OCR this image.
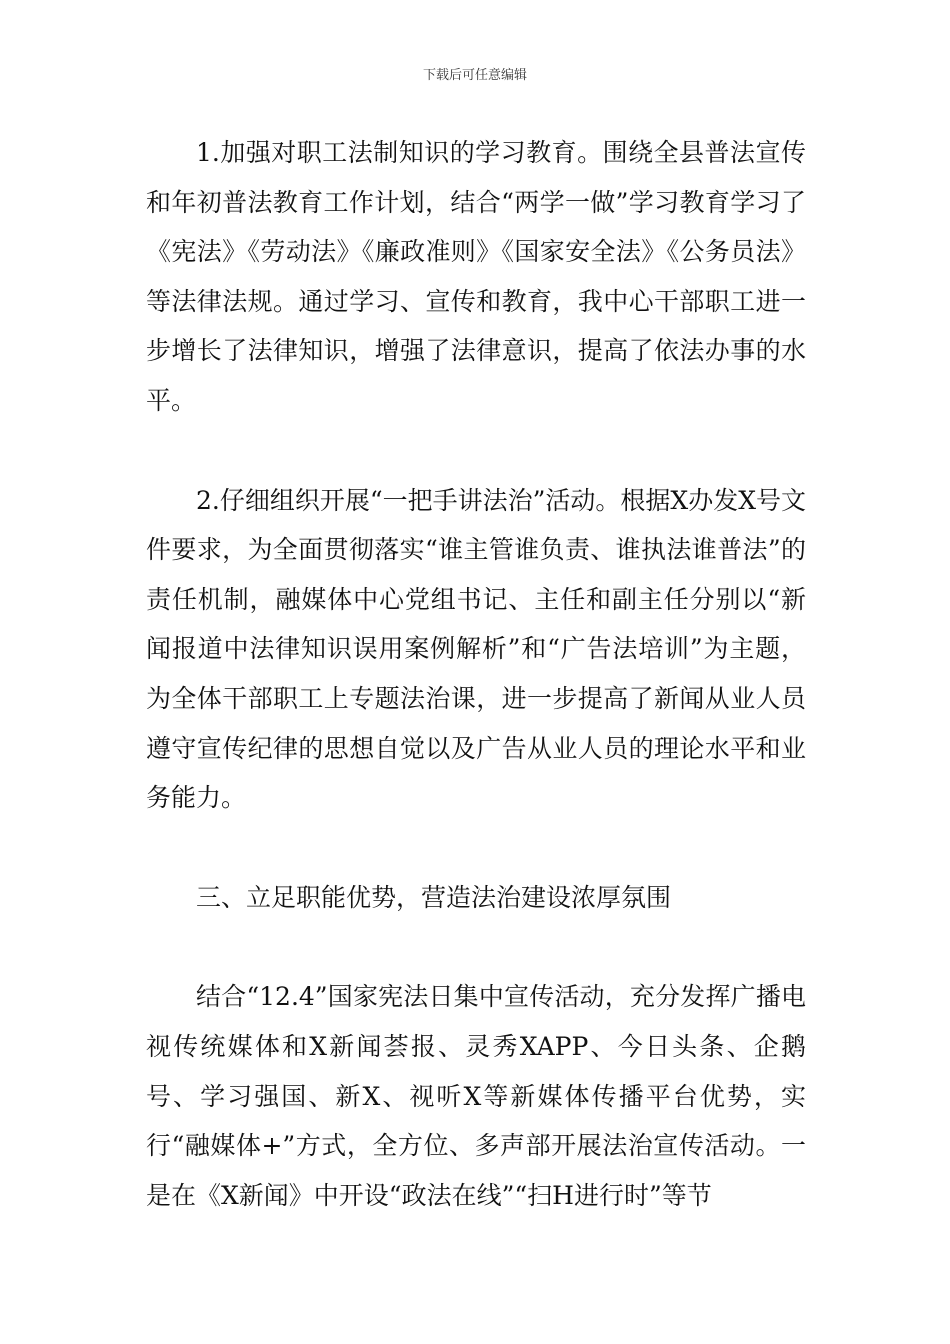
下载后可任意编辑

1.加强对职工法制知识的学习教育。围绕全县普法宣传和年初普法教育工作计划，结合“两学一做”学习教育学习了《宪法》《劳动法》《廉政准则》《国家安全法》《公务员法》等法律法规。通过学习、宣传和教育，我中心干部职工进一步增长了法律知识，增强了法律意识，提高了依法办事的水平。

2.仔细组织开展“一把手讲法治”活动。根据X办发X号文件要求，为全面贯彻落实“谁主管谁负责、谁执法谁普法”的责任机制，融媒体中心党组书记、主任和副主任分别以“新闻报道中法律知识误用案例解析”和“广告法培训”为主题，为全体干部职工上专题法治课，进一步提高了新闻从业人员遵守宣传纪律的思想自觉以及广告从业人员的理论水平和业务能力。

三、立足职能优势，营造法治建设浓厚氛围

结合“12.4”国家宪法日集中宣传活动，充分发挥广播电视传统媒体和X新闻荟报、灵秀XAPP、今日头条、企鹅号、学习强国、新X、视听X等新媒体传播平台优势，实行“融媒体+”方式，全方位、多声部开展法治宣传活动。一是在《X新闻》中开设“政法在线”“扫H进行时”等节
